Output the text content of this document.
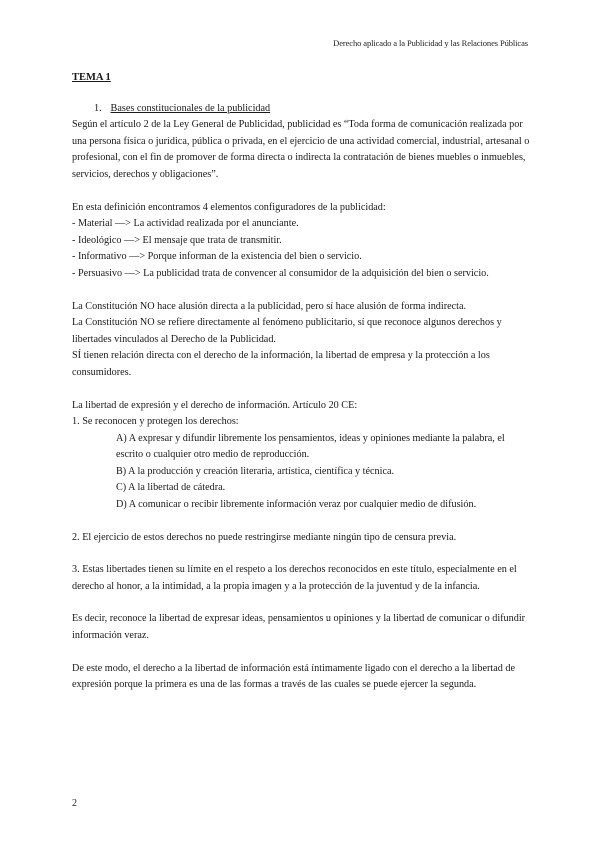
Derecho aplicado a la Publicidad y las Relaciones Públicas
TEMA 1
1. Bases constitucionales de la publicidad

Según el artículo 2 de la Ley General de Publicidad, publicidad es “Toda forma de comunicación realizada por una persona física o jurídica, pública o privada, en el ejercicio de una actividad comercial, industrial, artesanal o profesional, con el fin de promover de forma directa o indirecta la contratación de bienes muebles o inmuebles, servicios, derechos y obligaciones”.

En esta definición encontramos 4 elementos configuradores de la publicidad:

- Material —> La actividad realizada por el anunciante.

- Ideológico —> El mensaje que trata de transmitir.

- Informativo —> Porque informan de la existencia del bien o servicio.

- Persuasivo —> La publicidad trata de convencer al consumidor de la adquisición del bien o servicio.

La Constitución NO hace alusión directa a la publicidad, pero sí hace alusión de forma indirecta.

La Constitución NO se refiere directamente al fenómeno publicitario, sí que reconoce algunos derechos y libertades vinculados al Derecho de la Publicidad.

SÍ tienen relación directa con el derecho de la información, la libertad de empresa y la protección a los consumidores.

La libertad de expresión y el derecho de información. Artículo 20 CE:

1. Se reconocen y protegen los derechos:

A) A expresar y difundir libremente los pensamientos, ideas y opiniones mediante la palabra, el escrito o cualquier otro medio de reproducción.

B) A la producción y creación literaria, artística, científica y técnica.

C) A la libertad de cátedra.

D) A comunicar o recibir libremente información veraz por cualquier medio de difusión.

2. El ejercicio de estos derechos no puede restringirse mediante ningún tipo de censura previa.

3. Estas libertades tienen su límite en el respeto a los derechos reconocidos en este título, especialmente en el derecho al honor, a la intimidad, a la propia imagen y a la protección de la juventud y de la infancia.

Es decir, reconoce la libertad de expresar ideas, pensamientos u opiniones y la libertad de comunicar o difundir información veraz.

De este modo, el derecho a la libertad de información está íntimamente ligado con el derecho a la libertad de expresión porque la primera es una de las formas a través de las cuales se puede ejercer la segunda.

2
